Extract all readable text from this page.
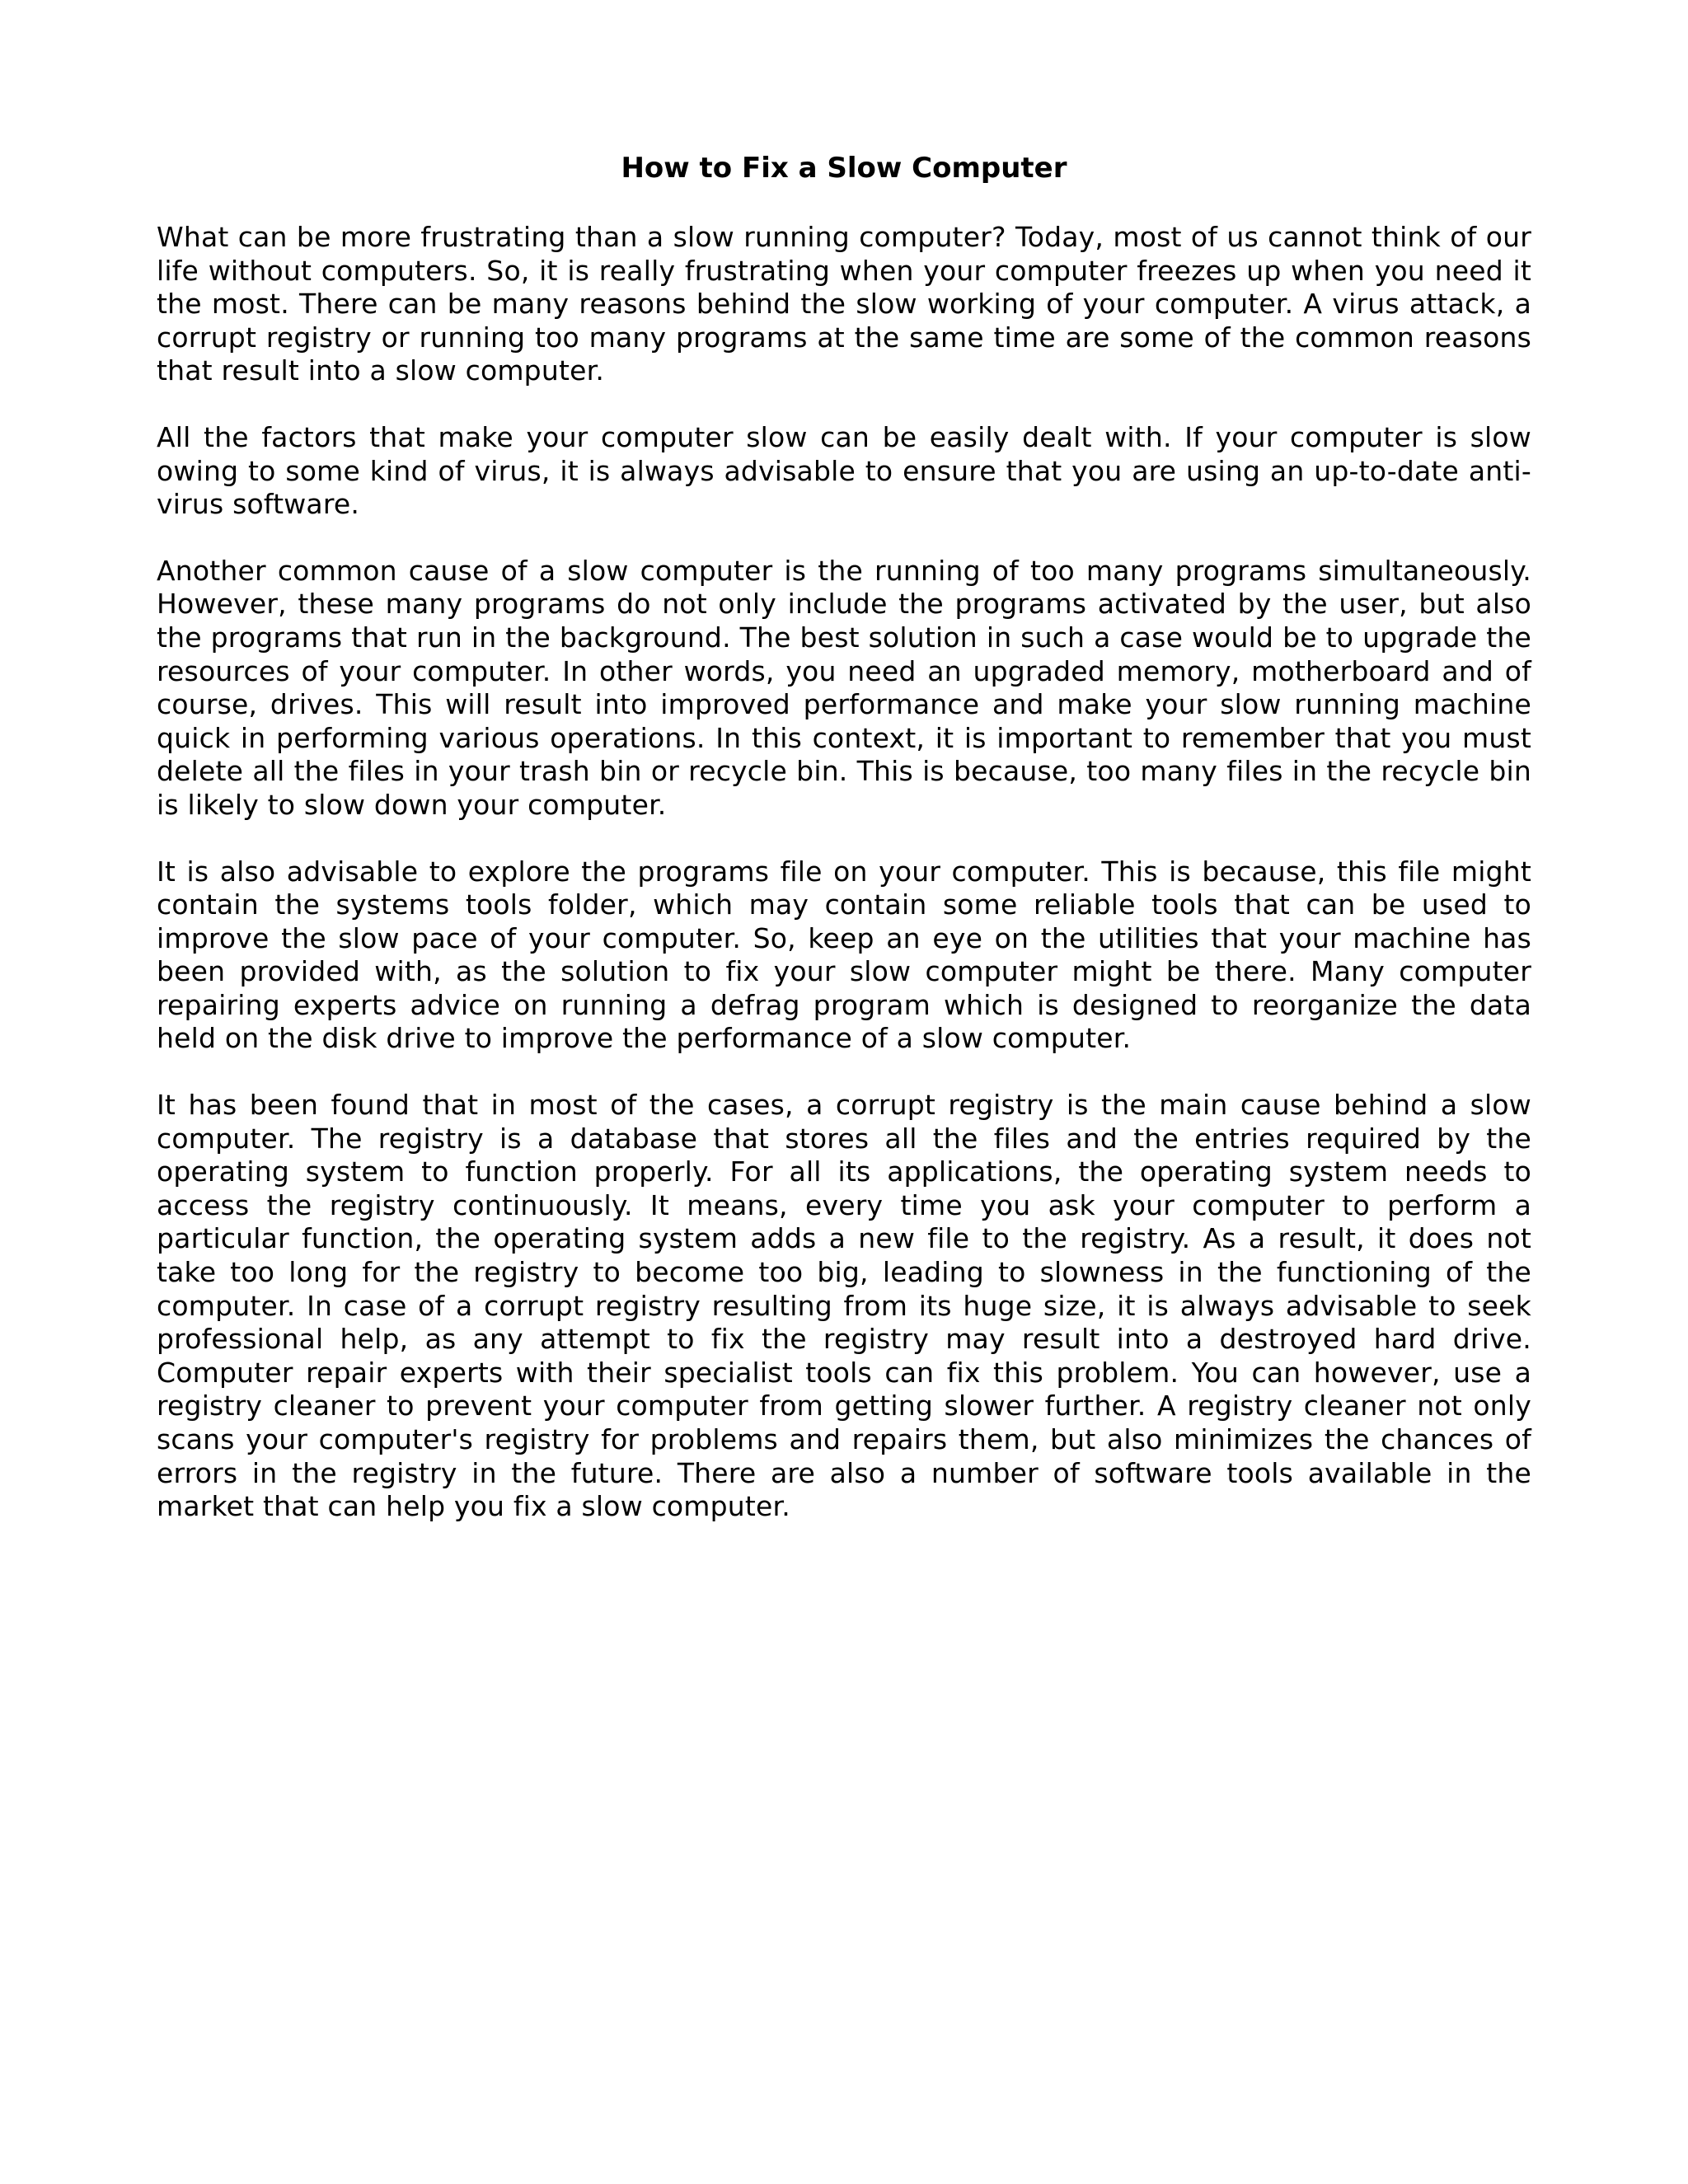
How to Fix a Slow Computer

What can be more frustrating than a slow running computer? Today, most of us cannot think of our life without computers. So, it is really frustrating when your computer freezes up when you need it the most. There can be many reasons behind the slow working of your computer. A virus attack, a corrupt registry or running too many programs at the same time are some of the common reasons that result into a slow computer.

All the factors that make your computer slow can be easily dealt with. If your computer is slow owing to some kind of virus, it is always advisable to ensure that you are using an up-to-date anti-virus software.

Another common cause of a slow computer is the running of too many programs simultaneously. However, these many programs do not only include the programs activated by the user, but also the programs that run in the background. The best solution in such a case would be to upgrade the resources of your computer. In other words, you need an upgraded memory, motherboard and of course, drives. This will result into improved performance and make your slow running machine quick in performing various operations. In this context, it is important to remember that you must delete all the files in your trash bin or recycle bin. This is because, too many files in the recycle bin is likely to slow down your computer.

It is also advisable to explore the programs file on your computer. This is because, this file might contain the systems tools folder, which may contain some reliable tools that can be used to improve the slow pace of your computer. So, keep an eye on the utilities that your machine has been provided with, as the solution to fix your slow computer might be there. Many computer repairing experts advice on running a defrag program which is designed to reorganize the data held on the disk drive to improve the performance of a slow computer.

It has been found that in most of the cases, a corrupt registry is the main cause behind a slow computer. The registry is a database that stores all the files and the entries required by the operating system to function properly. For all its applications, the operating system needs to access the registry continuously. It means, every time you ask your computer to perform a particular function, the operating system adds a new file to the registry. As a result, it does not take too long for the registry to become too big, leading to slowness in the functioning of the computer. In case of a corrupt registry resulting from its huge size, it is always advisable to seek professional help, as any attempt to fix the registry may result into a destroyed hard drive. Computer repair experts with their specialist tools can fix this problem. You can however, use a registry cleaner to prevent your computer from getting slower further. A registry cleaner not only scans your computer's registry for problems and repairs them, but also minimizes the chances of errors in the registry in the future. There are also a number of software tools available in the market that can help you fix a slow computer.
